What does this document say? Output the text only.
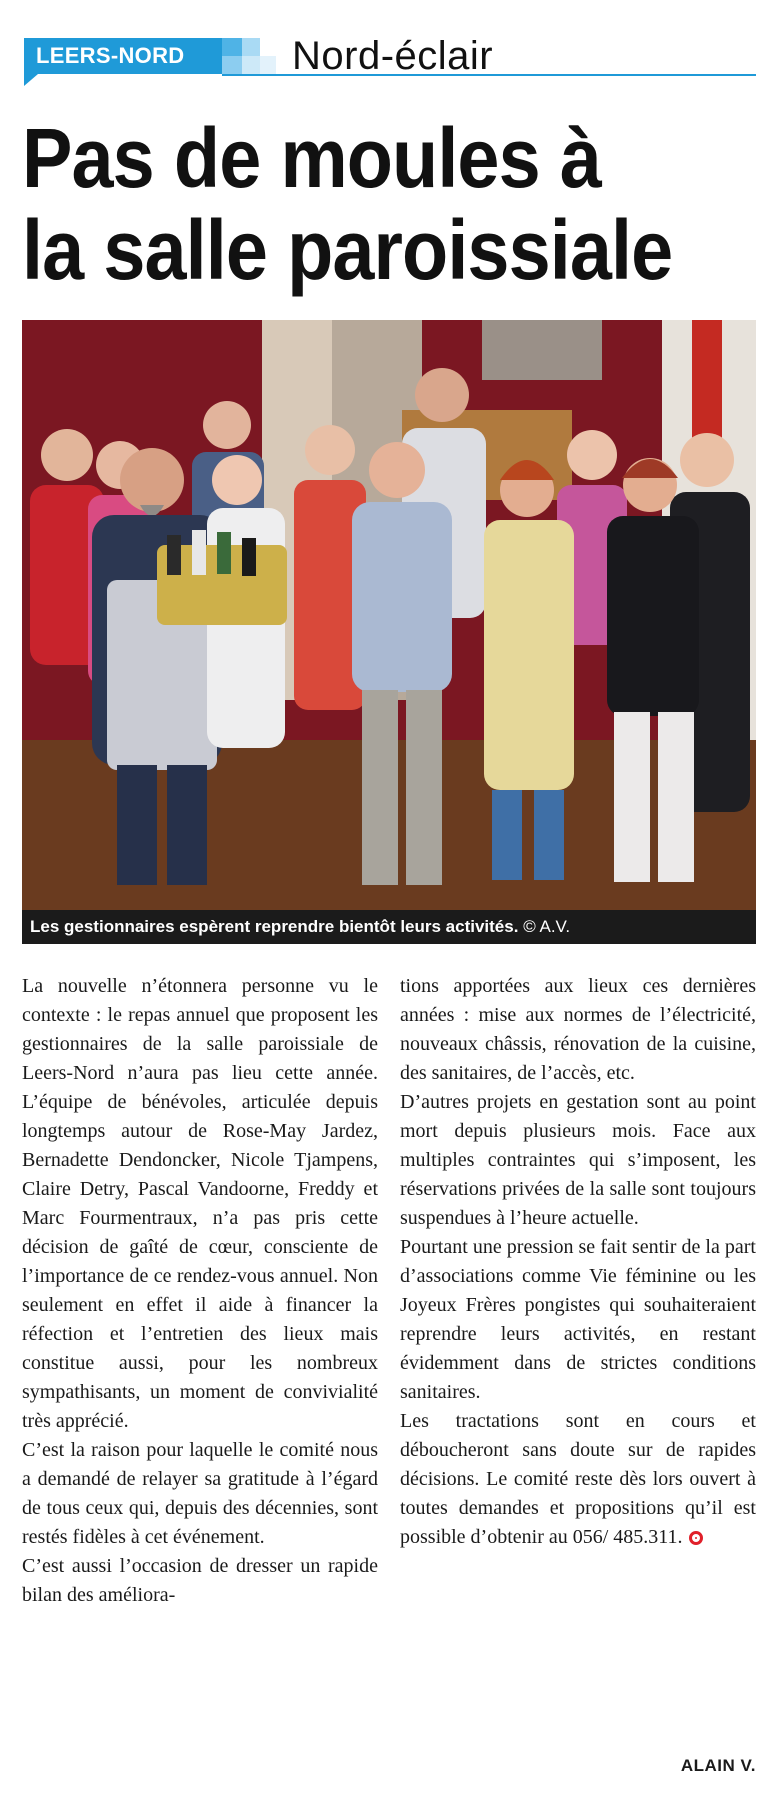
LEERS-NORD	Nord-éclair
Pas de moules à
la salle paroissiale
Les gestionnaires espèrent reprendre bientôt leurs activités. © A.V.

La nouvelle n’étonnera personne vu le contexte : le repas annuel que proposent les gestionnaires de la salle paroissiale de Leers-Nord n’aura pas lieu cette année. L’équipe de bénévoles, articulée depuis longtemps autour de Rose-May Jardez, Bernadette Dendoncker, Nicole Tjampens, Claire Detry, Pascal Vandoorne, Freddy et Marc Fourmentraux, n’a pas pris cette décision de gaîté de cœur, consciente de l’importance de ce rendez-vous annuel. Non seulement en effet il aide à financer la réfection et l’entretien des lieux mais constitue aussi, pour les nombreux sympathisants, un moment de convivialité très apprécié.

C’est la raison pour laquelle le comité nous a demandé de relayer sa gratitude à l’égard de tous ceux qui, depuis des décennies, sont restés fidèles à cet événement.

C’est aussi l’occasion de dresser un rapide bilan des améliora-

tions apportées aux lieux ces dernières années : mise aux normes de l’électricité, nouveaux châssis, rénovation de la cuisine, des sanitaires, de l’accès, etc.

D’autres projets en gestation sont au point mort depuis plusieurs mois. Face aux multiples contraintes qui s’imposent, les réservations privées de la salle sont toujours suspendues à l’heure actuelle.

Pourtant une pression se fait sentir de la part d’associations comme Vie féminine ou les Joyeux Frères pongistes qui souhaiteraient reprendre leurs activités, en restant évidemment dans de strictes conditions sanitaires.

Les tractations sont en cours et déboucheront sans doute sur de rapides décisions. Le comité reste dès lors ouvert à toutes demandes et propositions qu’il est possible d’obtenir au 056/ 485.311.

ALAIN V.
